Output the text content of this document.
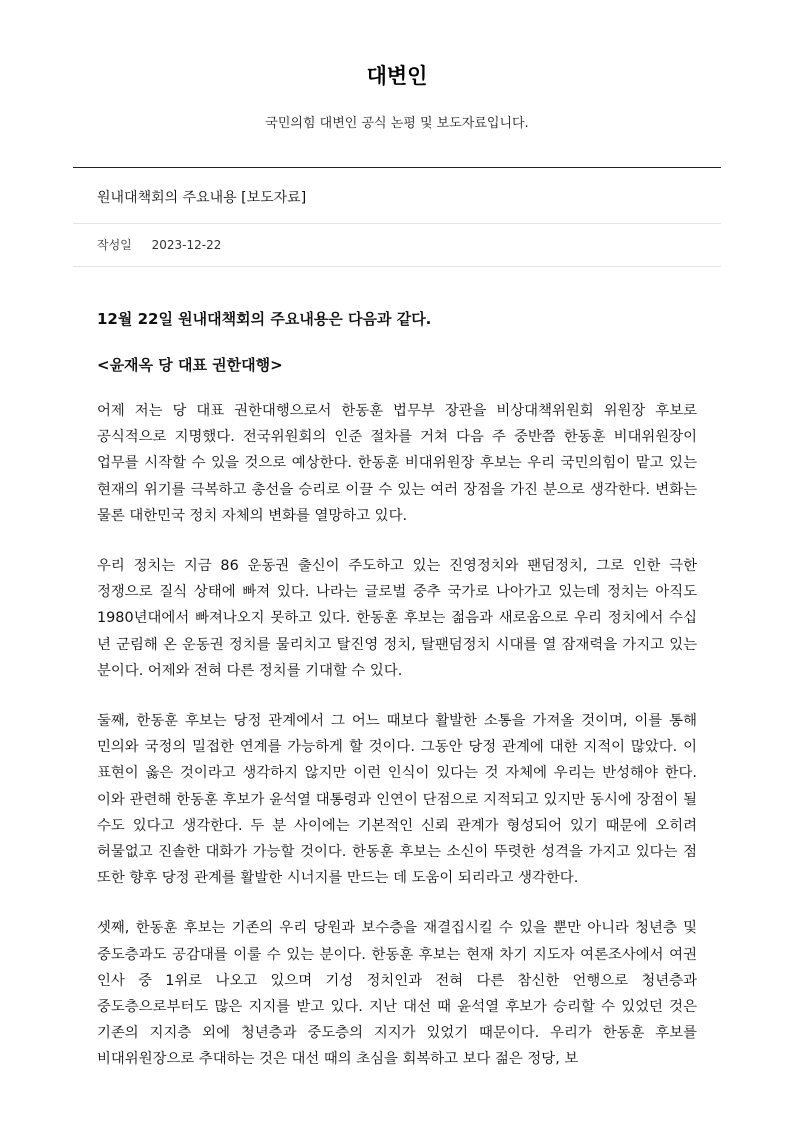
대변인
국민의힘 대변인 공식 논평 및 보도자료입니다.
원내대책회의 주요내용 [보도자료]
작성일 2023-12-22

12월 22일 원내대책회의 주요내용은 다음과 같다.

<윤재옥 당 대표 권한대행>

어제 저는 당 대표 권한대행으로서 한동훈 법무부 장관을 비상대책위원회 위원장 후보로 공식적으로 지명했다. 전국위원회의 인준 절차를 거쳐 다음 주 중반쯤 한동훈 비대위원장이 업무를 시작할 수 있을 것으로 예상한다. 한동훈 비대위원장 후보는 우리 국민의힘이 맡고 있는 현재의 위기를 극복하고 총선을 승리로 이끌 수 있는 여러 장점을 가진 분으로 생각한다. 변화는 물론 대한민국 정치 자체의 변화를 열망하고 있다.

우리 정치는 지금 86 운동권 출신이 주도하고 있는 진영정치와 팬덤정치, 그로 인한 극한 정쟁으로 질식 상태에 빠져 있다. 나라는 글로벌 중추 국가로 나아가고 있는데 정치는 아직도 1980년대에서 빠져나오지 못하고 있다. 한동훈 후보는 젊음과 새로움으로 우리 정치에서 수십 년 군림해 온 운동권 정치를 물리치고 탈진영 정치, 탈팬덤정치 시대를 열 잠재력을 가지고 있는 분이다. 어제와 전혀 다른 정치를 기대할 수 있다.

둘째, 한동훈 후보는 당정 관계에서 그 어느 때보다 활발한 소통을 가져올 것이며, 이를 통해 민의와 국정의 밀접한 연계를 가능하게 할 것이다. 그동안 당정 관계에 대한 지적이 많았다. 이 표현이 옳은 것이라고 생각하지 않지만 이런 인식이 있다는 것 자체에 우리는 반성해야 한다. 이와 관련해 한동훈 후보가 윤석열 대통령과 인연이 단점으로 지적되고 있지만 동시에 장점이 될 수도 있다고 생각한다. 두 분 사이에는 기본적인 신뢰 관계가 형성되어 있기 때문에 오히려 허물없고 진솔한 대화가 가능할 것이다. 한동훈 후보는 소신이 뚜렷한 성격을 가지고 있다는 점 또한 향후 당정 관계를 활발한 시너지를 만드는 데 도움이 되리라고 생각한다.

셋째, 한동훈 후보는 기존의 우리 당원과 보수층을 재결집시킬 수 있을 뿐만 아니라 청년층 및 중도층과도 공감대를 이룰 수 있는 분이다. 한동훈 후보는 현재 차기 지도자 여론조사에서 여권 인사 중 1위로 나오고 있으며 기성 정치인과 전혀 다른 참신한 언행으로 청년층과 중도층으로부터도 많은 지지를 받고 있다. 지난 대선 때 윤석열 후보가 승리할 수 있었던 것은 기존의 지지층 외에 청년층과 중도층의 지지가 있었기 때문이다. 우리가 한동훈 후보를 비대위원장으로 추대하는 것은 대선 때의 초심을 회복하고 보다 젊은 정당, 보
